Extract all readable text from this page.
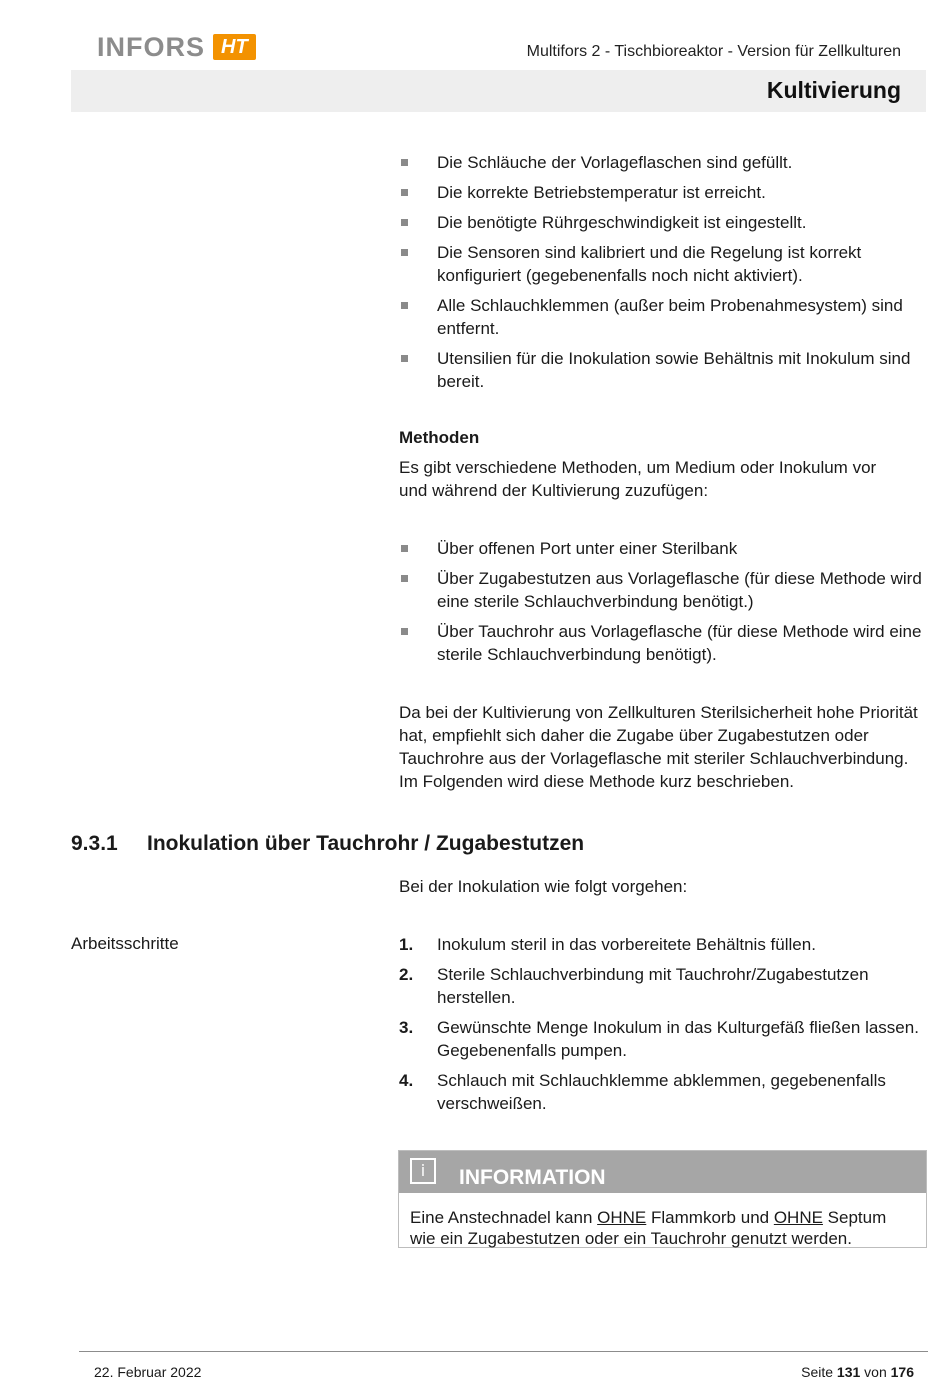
INFORS HT	Multifors 2 - Tischbioreaktor - Version für Zellkulturen
Kultivierung
Die Schläuche der Vorlageflaschen sind gefüllt.
Die korrekte Betriebstemperatur ist erreicht.
Die benötigte Rührgeschwindigkeit ist eingestellt.
Die Sensoren sind kalibriert und die Regelung ist korrekt konfiguriert (gegebenenfalls noch nicht aktiviert).
Alle Schlauchklemmen (außer beim Probenahmesystem) sind entfernt.
Utensilien für die Inokulation sowie Behältnis mit Inokulum sind bereit.
Methoden
Es gibt verschiedene Methoden, um Medium oder Inokulum vor und während der Kultivierung zuzufügen:
Über offenen Port unter einer Sterilbank
Über Zugabestutzen aus Vorlageflasche (für diese Methode wird eine sterile Schlauchverbindung benötigt.)
Über Tauchrohr aus Vorlageflasche (für diese Methode wird eine sterile Schlauchverbindung benötigt).
Da bei der Kultivierung von Zellkulturen Sterilsicherheit hohe Priorität hat, empfiehlt sich daher die Zugabe über Zugabestutzen oder Tauchrohre aus der Vorlageflasche mit steriler Schlauchverbindung. Im Folgenden wird diese Methode kurz beschrieben.
9.3.1 Inokulation über Tauchrohr / Zugabestutzen
Bei der Inokulation wie folgt vorgehen:
Arbeitsschritte	1. Inokulum steril in das vorbereitete Behältnis füllen.
2. Sterile Schlauchverbindung mit Tauchrohr/Zugabestutzen herstellen.
3. Gewünschte Menge Inokulum in das Kulturgefäß fließen lassen. Gegebenenfalls pumpen.
4. Schlauch mit Schlauchklemme abklemmen, gegebenenfalls verschweißen.
i	INFORMATION
Eine Anstechnadel kann OHNE Flammkorb und OHNE Septum wie ein Zugabestutzen oder ein Tauchrohr genutzt werden.
22. Februar 2022	Seite 131 von 176
